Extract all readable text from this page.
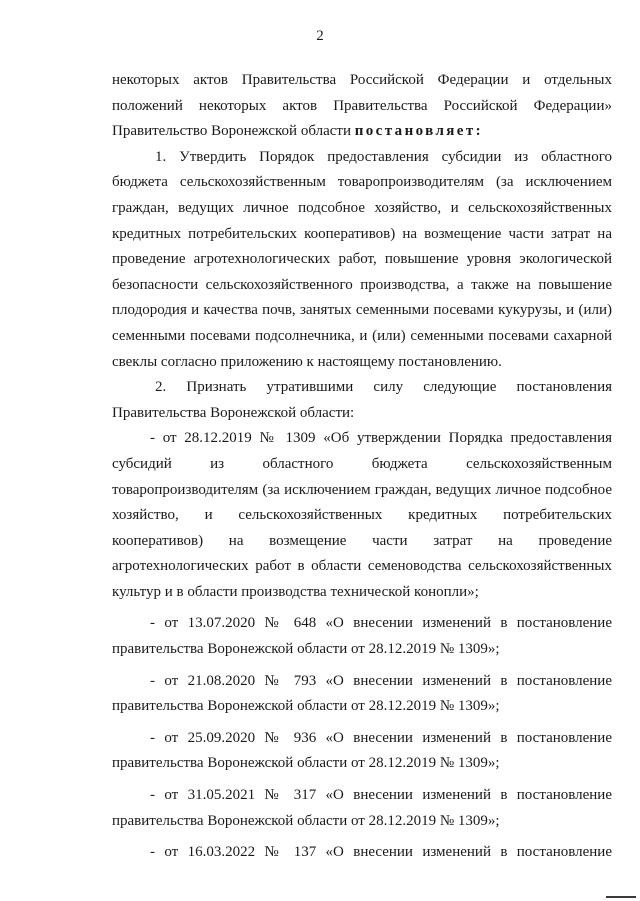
2
некоторых актов Правительства Российской Федерации и отдельных
положений некоторых актов Правительства Российской Федерации»
Правительство Воронежской области постановляет:
1. Утвердить Порядок предоставления субсидии из областного
бюджета сельскохозяйственным товаропроизводителям (за исключением
граждан, ведущих личное подсобное хозяйство, и сельскохозяйственных
кредитных потребительских кооперативов) на возмещение части затрат на
проведение агротехнологических работ, повышение уровня экологической
безопасности сельскохозяйственного производства, а также на повышение
плодородия и качества почв, занятых семенными посевами кукурузы, и (или)
семенными посевами подсолнечника, и (или) семенными посевами сахарной
свеклы согласно приложению к настоящему постановлению.
2. Признать утратившими силу следующие постановления
Правительства Воронежской области:
- от 28.12.2019 № 1309 «Об утверждении Порядка предоставления
субсидий из областного бюджета сельскохозяйственным
товаропроизводителям (за исключением граждан, ведущих личное подсобное
хозяйство, и сельскохозяйственных кредитных потребительских
кооперативов) на возмещение части затрат на проведение
агротехнологических работ в области семеноводства сельскохозяйственных
культур и в области производства технической конопли»;
- от 13.07.2020 № 648 «О внесении изменений в постановление
правительства Воронежской области от 28.12.2019 № 1309»;
- от 21.08.2020 № 793 «О внесении изменений в постановление
правительства Воронежской области от 28.12.2019 № 1309»;
- от 25.09.2020 № 936 «О внесении изменений в постановление
правительства Воронежской области от 28.12.2019 № 1309»;
- от 31.05.2021 № 317 «О внесении изменений в постановление
правительства Воронежской области от 28.12.2019 № 1309»;
- от 16.03.2022 № 137 «О внесении изменений в постановление
